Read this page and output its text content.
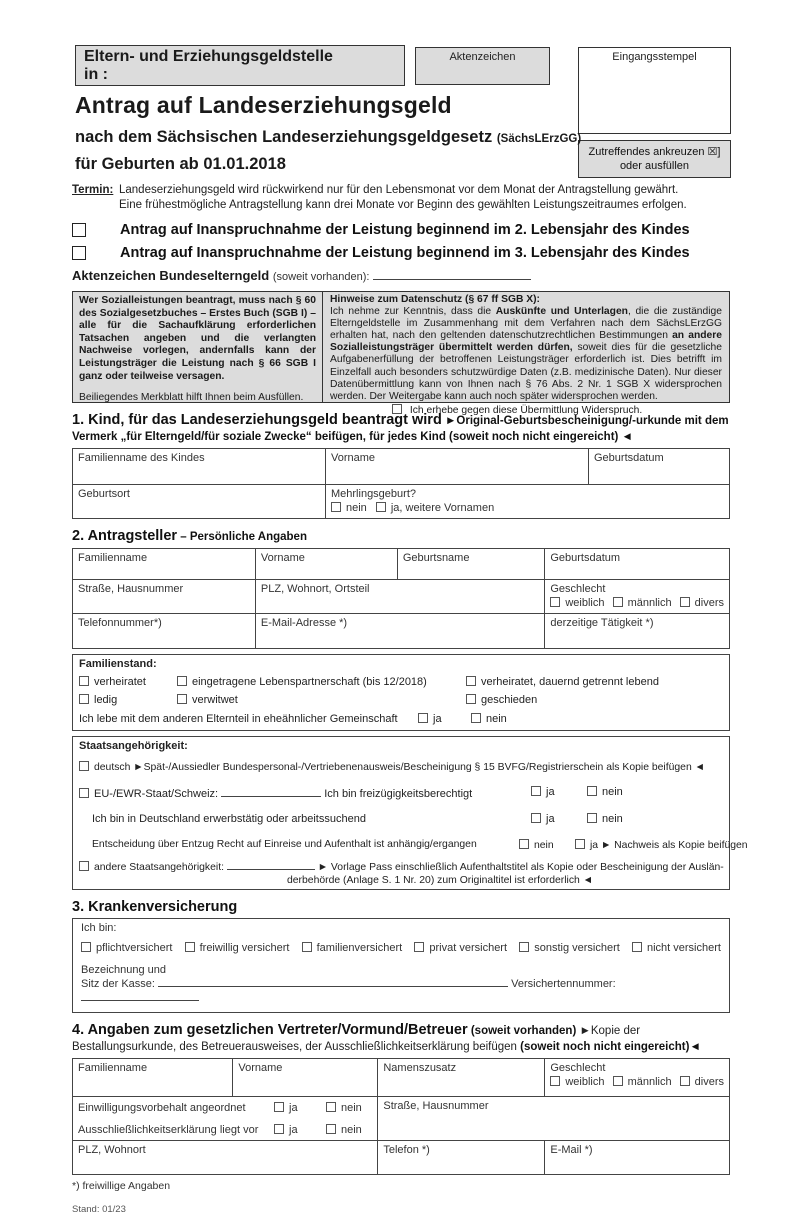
Eltern- und Erziehungsgeldstelle
in :
Aktenzeichen	Eingangsstempel
Zutreffendes ankreuzen ☒]
oder ausfüllen
Antrag auf Landeserziehungsgeld
nach dem Sächsischen Landeserziehungsgeldgesetz (SächsLErzGG)
für Geburten ab 01.01.2018
Termin: Landeserziehungsgeld wird rückwirkend nur für den Lebensmonat vor dem Monat der Antragstellung gewährt.
Eine frühestmögliche Antragstellung kann drei Monate vor Beginn des gewählten Leistungszeitraumes erfolgen.
Antrag auf Inanspruchnahme der Leistung beginnend im 2. Lebensjahr des Kindes
Antrag auf Inanspruchnahme der Leistung beginnend im 3. Lebensjahr des Kindes
Aktenzeichen Bundeselterngeld (soweit vorhanden):
Wer Sozialleistungen beantragt, muss nach § 60 des Sozialgesetzbuches – Erstes Buch (SGB I) – alle für die Sachaufklärung erforderlichen Tatsachen angeben und die verlangten Nachweise vorlegen, andernfalls kann der Leistungsträger die Leistung nach § 66 SGB I ganz oder teilweise versagen.
Beiliegendes Merkblatt hilft Ihnen beim Ausfüllen.
Hinweise zum Datenschutz (§ 67 ff SGB X):
Ich nehme zur Kenntnis, dass die Auskünfte und Unterlagen, die die zuständige Elterngeldstelle im Zusammenhang mit dem Verfahren nach dem SächsLErzGG erhalten hat, nach den geltenden datenschutzrechtlichen Bestimmungen an andere Sozialleistungsträger übermittelt werden dürfen, soweit dies für die gesetzliche Aufgabenerfüllung der betroffenen Leistungsträger erforderlich ist. Dies betrifft im Einzelfall auch besonders schutzwürdige Daten (z.B. medizinische Daten). Nur dieser Datenübermittlung kann von Ihnen nach § 76 Abs. 2 Nr. 1 SGB X widersprochen werden. Der Weitergabe kann auch noch später widersprochen werden.
Ich erhebe gegen diese Übermittlung Widerspruch.
1. Kind, für das Landeserziehungsgeld beantragt wird ►Original-Geburtsbescheinigung/-urkunde mit dem Vermerk „für Elterngeld/für soziale Zwecke“ beifügen, für jedes Kind (soweit noch nicht eingereicht) ◄
Familienname des Kindes	Vorname	Geburtsdatum
Geburtsort	Mehrlingsgeburt?
nein ja, weitere Vornamen	
2. Antragsteller – Persönliche Angaben
Familienname	Vorname	Geburtsname	Geburtsdatum
Straße, Hausnummer	PLZ, Wohnort, Ortsteil		Geschlecht
weiblich männlich divers

Telefonnummer*)	E-Mail-Adresse *)		derzeitige Tätigkeit *)
Familienstand:
verheiratet	eingetragene Lebenspartnerschaft (bis 12/2018)	verheiratet, dauernd getrennt lebend
ledig	verwitwet	geschieden
Ich lebe mit dem anderen Elternteil in eheähnlicher Gemeinschaft	ja	nein
Staatsangehörigkeit:
deutsch ►Spät-/Aussiedler Bundespersonal-/Vertriebenenausweis/Bescheinigung § 15 BVFG/Registrierschein als Kopie beifügen ◄
EU-/EWR-Staat/Schweiz:	Ich bin freizügigkeitsberechtigt	ja	nein
Ich bin in Deutschland erwerbstätig oder arbeitssuchend	ja	nein
Entscheidung über Entzug Recht auf Einreise und Aufenthalt ist anhängig/ergangen	nein	ja ► Nachweis als Kopie beifügen
andere Staatsangehörigkeit:	► Vorlage Pass einschließlich Aufenthaltstitel als Kopie oder Bescheinigung der Auslän-
derbehörde (Anlage S. 1 Nr. 20) zum Originaltitel ist erforderlich ◄
3. Krankenversicherung
Ich bin:
pflichtversichert	freiwillig versichert	familienversichert	privat versichert	sonstig versichert	nicht versichert
Bezeichnung und
Sitz der Kasse:	Versichertennummer:
4. Angaben zum gesetzlichen Vertreter/Vormund/Betreuer (soweit vorhanden) ►Kopie der Bestallungsurkunde, des Betreuerausweises, der Ausschließlichkeitserklärung beifügen (soweit noch nicht eingereicht)◄
Familienname	Vorname	Namenszusatz	Geschlecht
weiblich männlich divers

Einwilligungsvorbehalt angeordnet	ja	nein
Ausschließlichkeitserklärung liegt vor	ja	nein
	Straße, Hausnummer
PLZ, Wohnort		Telefon *)	E-Mail *)
*) freiwillige Angaben
Stand: 01/23
